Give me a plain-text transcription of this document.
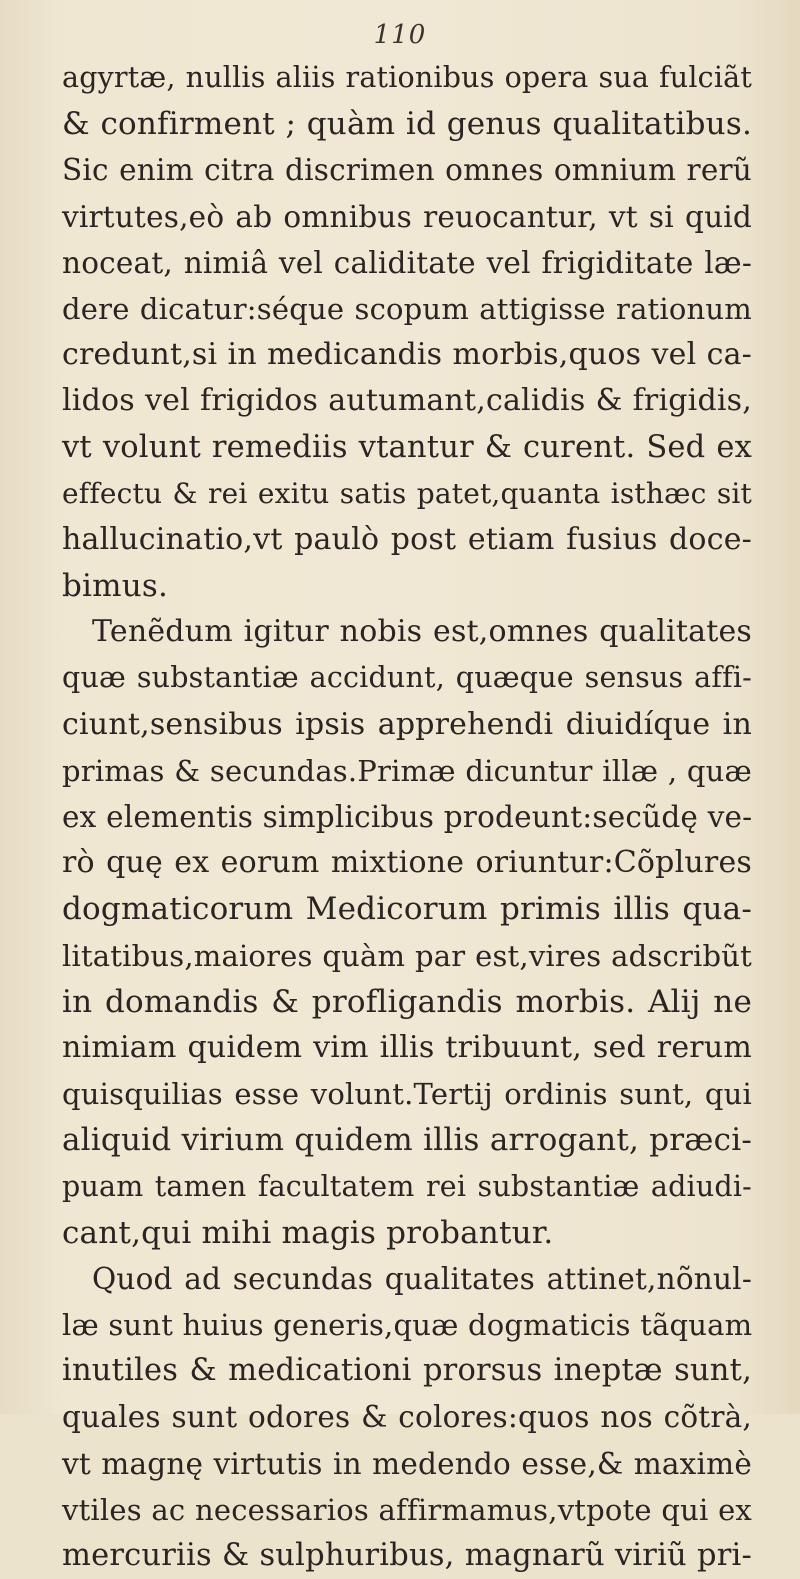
110
agyrtæ, nullis aliis rationibus opera sua fulciãt
& confirment ; quàm id genus qualitatibus.
Sic enim citra discrimen omnes omnium rerũ
virtutes,eò ab omnibus reuocantur, vt si quid
noceat, nimiâ vel caliditate vel frigiditate læ-
dere dicatur:séque scopum attigisse rationum
credunt,si in medicandis morbis,quos vel ca-
lidos vel frigidos autumant,calidis & frigidis,
vt volunt remediis vtantur & curent. Sed ex
effectu & rei exitu satis patet,quanta isthæc sit
hallucinatio,vt paulò post etiam fusius doce-
bimus.
Tenẽdum igitur nobis est,omnes qualitates
quæ substantiæ accidunt, quæque sensus affi-
ciunt,sensibus ipsis apprehendi diuidíque in
primas & secundas.Primæ dicuntur illæ , quæ
ex elementis simplicibus prodeunt:secũdę ve-
rò quę ex eorum mixtione oriuntur:Cõplures
dogmaticorum Medicorum primis illis qua-
litatibus,maiores quàm par est,vires adscribũt
in domandis & profligandis morbis. Alij ne
nimiam quidem vim illis tribuunt, sed rerum
quisquilias esse volunt.Tertij ordinis sunt, qui
aliquid virium quidem illis arrogant, præci-
puam tamen facultatem rei substantiæ adiudi-
cant,qui mihi magis probantur.
Quod ad secundas qualitates attinet,nõnul-
læ sunt huius generis,quæ dogmaticis tãquam
inutiles & medicationi prorsus ineptæ sunt,
quales sunt odores & colores:quos nos cõtrà,
vt magnę virtutis in medendo esse,& maximè
vtiles ac necessarios affirmamus,vtpote qui ex
mercuriis & sulphuribus, magnarũ viriũ pri-
